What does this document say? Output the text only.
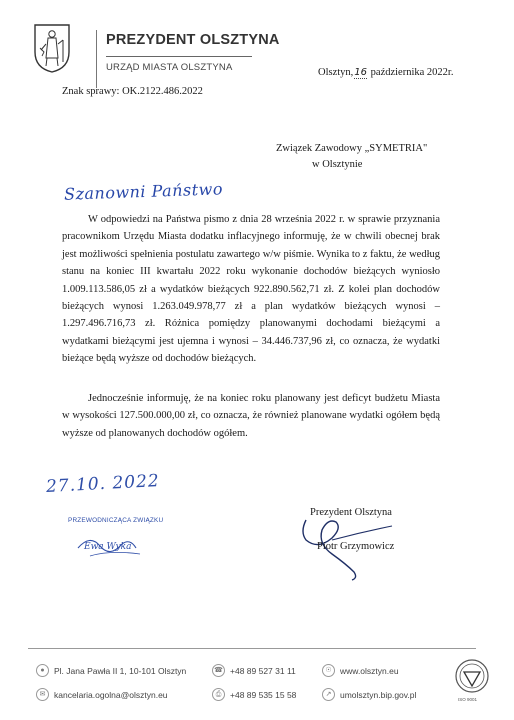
PREZYDENT OLSZTYNA
URZĄD MIASTA OLSZTYNA	Olsztyn,16 października 2022r.
Znak sprawy: OK.2122.486.2022
Związek Zawodowy „SYMETRIA"
w Olsztynie
Szanowni Państwo
W odpowiedzi na Państwa pismo z dnia 28 września 2022 r. w sprawie przyznania pracownikom Urzędu Miasta dodatku inflacyjnego informuję, że w chwili obecnej brak jest możliwości spełnienia postulatu zawartego w/w piśmie. Wynika to z faktu, że według stanu na koniec III kwartału 2022 roku wykonanie dochodów bieżących wyniosło 1.009.113.586,05 zł a wydatków bieżących 922.890.562,71 zł. Z kolei plan dochodów bieżących wynosi 1.263.049.978,77 zł a plan wydatków bieżących wynosi – 1.297.496.716,73 zł. Różnica pomiędzy planowanymi dochodami bieżącymi a wydatkami bieżącymi jest ujemna i wynosi – 34.446.737,96 zł, co oznacza, że wydatki bieżące będą wyższe od dochodów bieżących.
Jednocześnie informuję, że na koniec roku planowany jest deficyt budżetu Miasta w wysokości 127.500.000,00 zł, co oznacza, że również planowane wydatki ogółem będą wyższe od planowanych dochodów ogółem.
27.10. 2022
PRZEWODNICZĄCA ZWIĄZKU
Ewa Wyka
Prezydent Olsztyna
Piotr Grzymowicz
●	Pl. Jana Pawła II 1, 10-101 Olsztyn
✉	kancelaria.ogolna@olsztyn.eu
☎ +48 89 527 31 11
⎙	+48 89 535 15 58
☉ www.olsztyn.eu
↗	umolsztyn.bip.gov.pl	ISO 9001
